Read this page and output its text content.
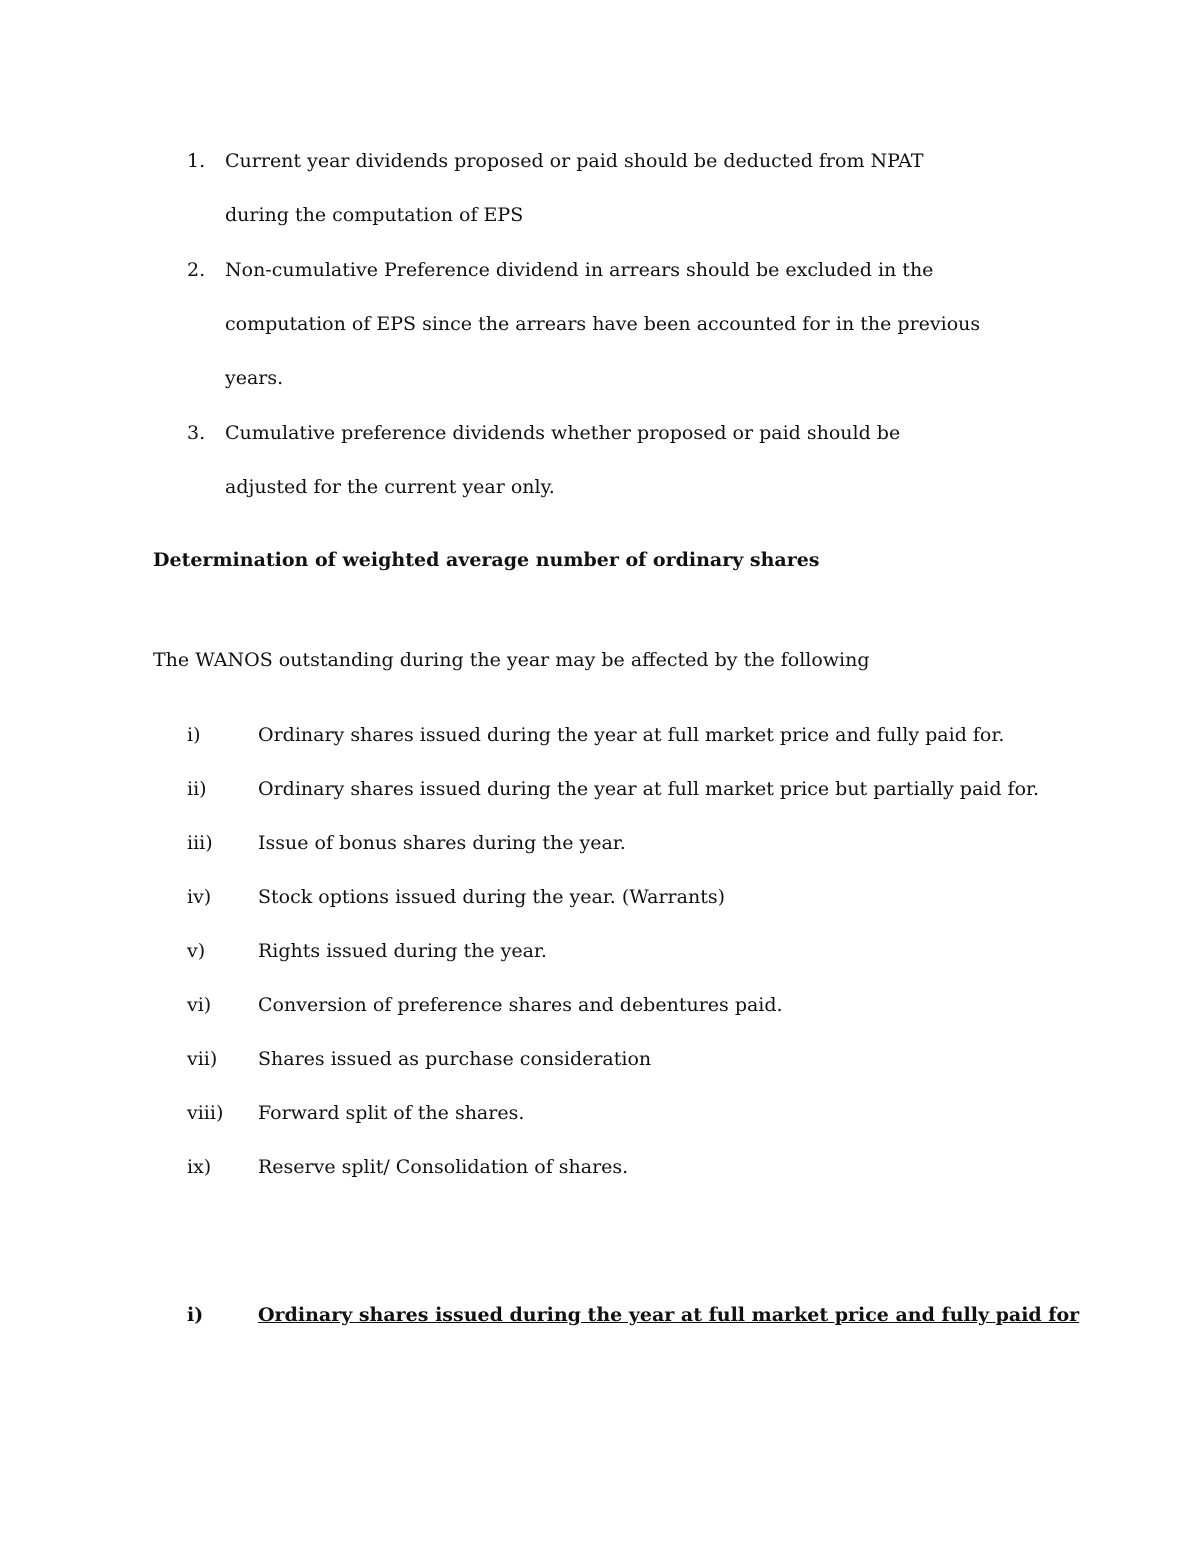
1. Current year dividends proposed or paid should be deducted from NPAT
during the computation of EPS
2. Non-cumulative Preference dividend in arrears should be excluded in the
computation of EPS since the arrears have been accounted for in the previous
years.
3. Cumulative preference dividends whether proposed or paid should be
adjusted for the current year only.
Determination of weighted average number of ordinary shares
The WANOS outstanding during the year may be affected by the following
i)	Ordinary shares issued during the year at full market price and fully paid for.
ii)	Ordinary shares issued during the year at full market price but partially paid for.
iii) Issue of bonus shares during the year.
iv) Stock options issued during the year. (Warrants)
v)	Rights issued during the year.
vi) Conversion of preference shares and debentures paid.
vii) Shares issued as purchase consideration
viii) Forward split of the shares.
ix) Reserve split/ Consolidation of shares.
i)	Ordinary shares issued during the year at full market price and fully paid for
